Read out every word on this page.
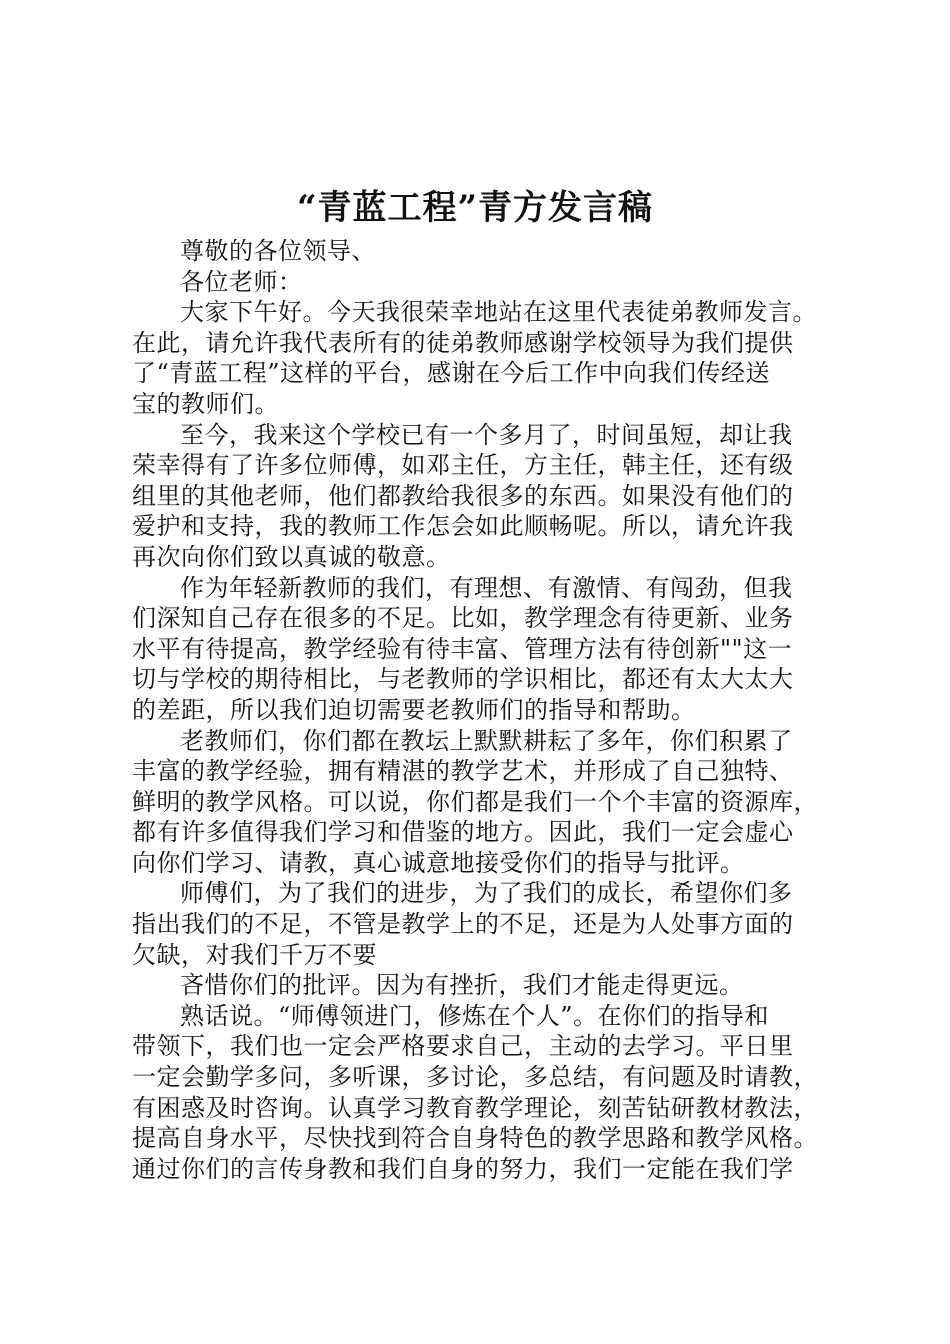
“青蓝工程”青方发言稿
尊敬的各位领导、
各位老师：
大家下午好。今天我很荣幸地站在这里代表徒弟教师发言。
在此，请允许我代表所有的徒弟教师感谢学校领导为我们提供
了“青蓝工程”这样的平台，感谢在今后工作中向我们传经送
宝的教师们。
至今，我来这个学校已有一个多月了，时间虽短，却让我
荣幸得有了许多位师傅，如邓主任，方主任，韩主任，还有级
组里的其他老师，他们都教给我很多的东西。如果没有他们的
爱护和支持，我的教师工作怎会如此顺畅呢。所以，请允许我
再次向你们致以真诚的敬意。
作为年轻新教师的我们，有理想、有激情、有闯劲，但我
们深知自己存在很多的不足。比如，教学理念有待更新、业务
水平有待提高，教学经验有待丰富、管理方法有待创新""这一
切与学校的期待相比，与老教师的学识相比，都还有太大太大
的差距，所以我们迫切需要老教师们的指导和帮助。
老教师们，你们都在教坛上默默耕耘了多年，你们积累了
丰富的教学经验，拥有精湛的教学艺术，并形成了自己独特、
鲜明的教学风格。可以说，你们都是我们一个个丰富的资源库，
都有许多值得我们学习和借鉴的地方。因此，我们一定会虚心
向你们学习、请教，真心诚意地接受你们的指导与批评。
师傅们，为了我们的进步，为了我们的成长，希望你们多
指出我们的不足，不管是教学上的不足，还是为人处事方面的
欠缺，对我们千万不要
吝惜你们的批评。因为有挫折，我们才能走得更远。
熟话说。“师傅领进门，修炼在个人”。在你们的指导和
带领下，我们也一定会严格要求自己，主动的去学习。平日里
一定会勤学多问，多听课，多讨论，多总结，有问题及时请教，
有困惑及时咨询。认真学习教育教学理论，刻苦钻研教材教法，
提高自身水平，尽快找到符合自身特色的教学思路和教学风格。
通过你们的言传身教和我们自身的努力，我们一定能在我们学
